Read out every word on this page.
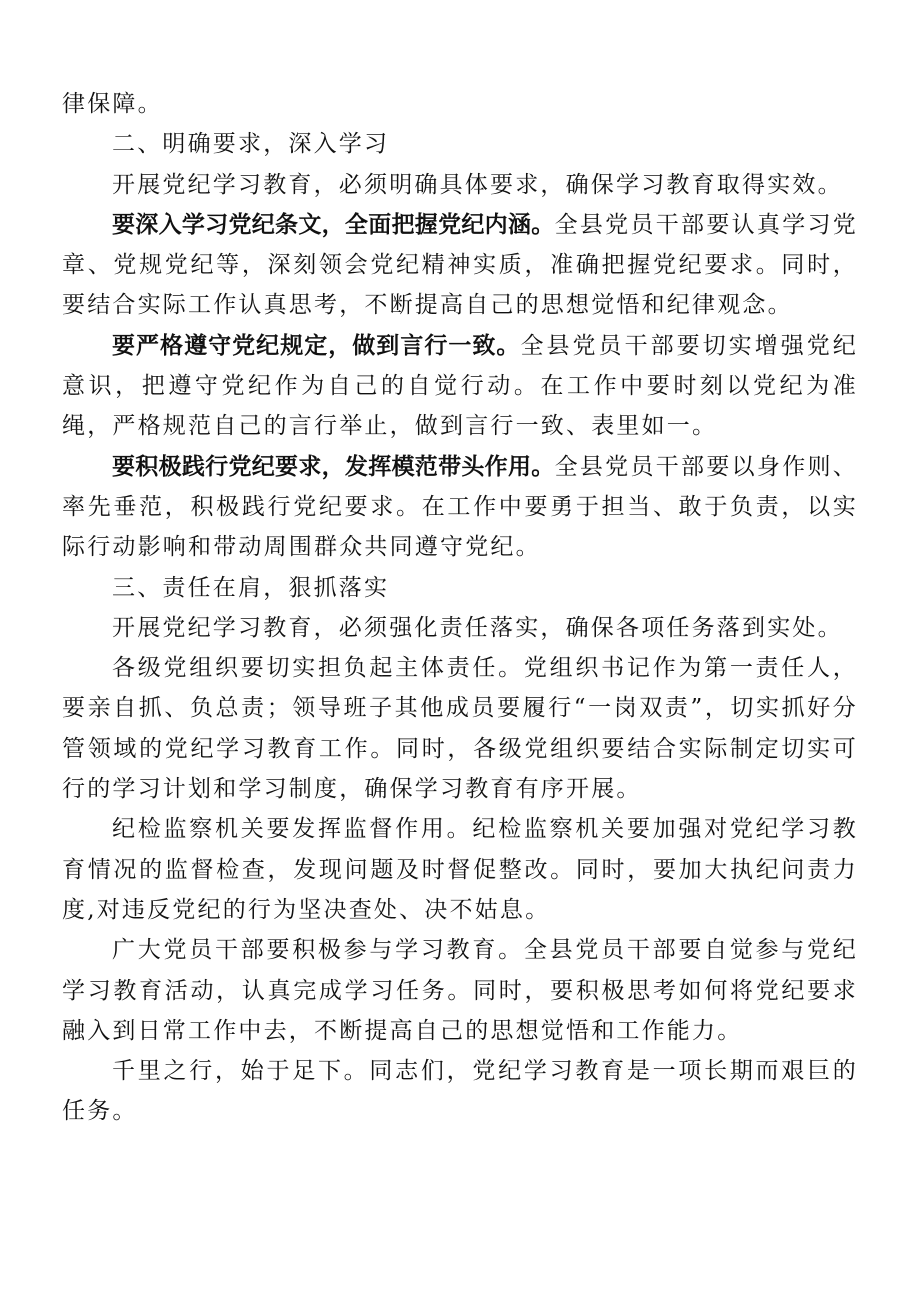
律保障。

二、明确要求，深入学习

开展党纪学习教育，必须明确具体要求，确保学习教育取得实效。

要深入学习党纪条文，全面把握党纪内涵。全县党员干部要认真学习党章、党规党纪等，深刻领会党纪精神实质，准确把握党纪要求。同时，要结合实际工作认真思考，不断提高自己的思想觉悟和纪律观念。

要严格遵守党纪规定，做到言行一致。全县党员干部要切实增强党纪意识，把遵守党纪作为自己的自觉行动。在工作中要时刻以党纪为准绳，严格规范自己的言行举止，做到言行一致、表里如一。

要积极践行党纪要求，发挥模范带头作用。全县党员干部要以身作则、率先垂范，积极践行党纪要求。在工作中要勇于担当、敢于负责，以实际行动影响和带动周围群众共同遵守党纪。

三、责任在肩，狠抓落实

开展党纪学习教育，必须强化责任落实，确保各项任务落到实处。

各级党组织要切实担负起主体责任。党组织书记作为第一责任人，要亲自抓、负总责；领导班子其他成员要履行“一岗双责”，切实抓好分管领域的党纪学习教育工作。同时，各级党组织要结合实际制定切实可行的学习计划和学习制度，确保学习教育有序开展。

纪检监察机关要发挥监督作用。纪检监察机关要加强对党纪学习教育情况的监督检查，发现问题及时督促整改。同时，要加大执纪问责力度,对违反党纪的行为坚决查处、决不姑息。

广大党员干部要积极参与学习教育。全县党员干部要自觉参与党纪学习教育活动，认真完成学习任务。同时，要积极思考如何将党纪要求融入到日常工作中去，不断提高自己的思想觉悟和工作能力。

千里之行，始于足下。同志们，党纪学习教育是一项长期而艰巨的任务。
